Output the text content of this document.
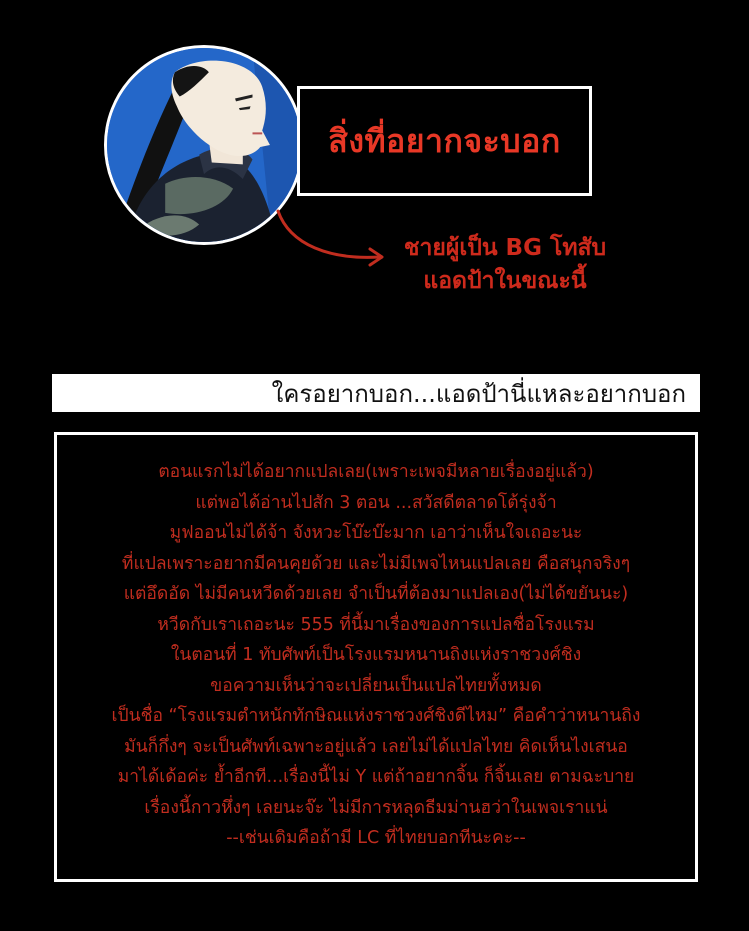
สิ่งที่อยากจะบอก
ชายผู้เป็น BG โทสับ
แอดป้าในขณะนี้
ใครอยากบอก...แอดป้านี่แหละอยากบอก
ตอนแรกไม่ได้อยากแปลเลย(เพราะเพจมีหลายเรื่องอยู่แล้ว)
แต่พอได้อ่านไปสัก 3 ตอน ...สวัสดีตลาดโต้รุ่งจ้า
มูฟออนไม่ได้จ้า จังหวะโบ๊ะบ๊ะมาก เอาว่าเห็นใจเถอะนะ
ที่แปลเพราะอยากมีคนคุยด้วย และไม่มีเพจไหนแปลเลย คือสนุกจริงๆ
แต่อึดอัด ไม่มีคนหวีดด้วยเลย จำเป็นที่ต้องมาแปลเอง(ไม่ได้ขยันนะ)
หวีดกับเราเถอะนะ 555 ที่นี้มาเรื่องของการแปลชื่อโรงแรม
ในตอนที่ 1 ทับศัพท์เป็นโรงแรมหนานถิงแห่งราชวงศ์ชิง
ขอความเห็นว่าจะเปลี่ยนเป็นแปลไทยทั้งหมด
เป็นชื่อ “โรงแรมตำหนักทักษิณแห่งราชวงศ์ชิงดีไหม” คือคำว่าหนานถิง
มันก็กึ่งๆ จะเป็นศัพท์เฉพาะอยู่แล้ว เลยไม่ได้แปลไทย คิดเห็นไงเสนอ
มาได้เด้อค่ะ ย้ำอีกที...เรื่องนี้ไม่ Y แต่ถ้าอยากจิ้น ก็จิ้นเลย ตามฉะบาย
เรื่องนี้กาวหึ่งๆ เลยนะจ๊ะ ไม่มีการหลุดธีมม่านฮว่าในเพจเราแน่
--เช่นเดิมคือถ้ามี LC ที่ไทยบอกทีนะคะ--
